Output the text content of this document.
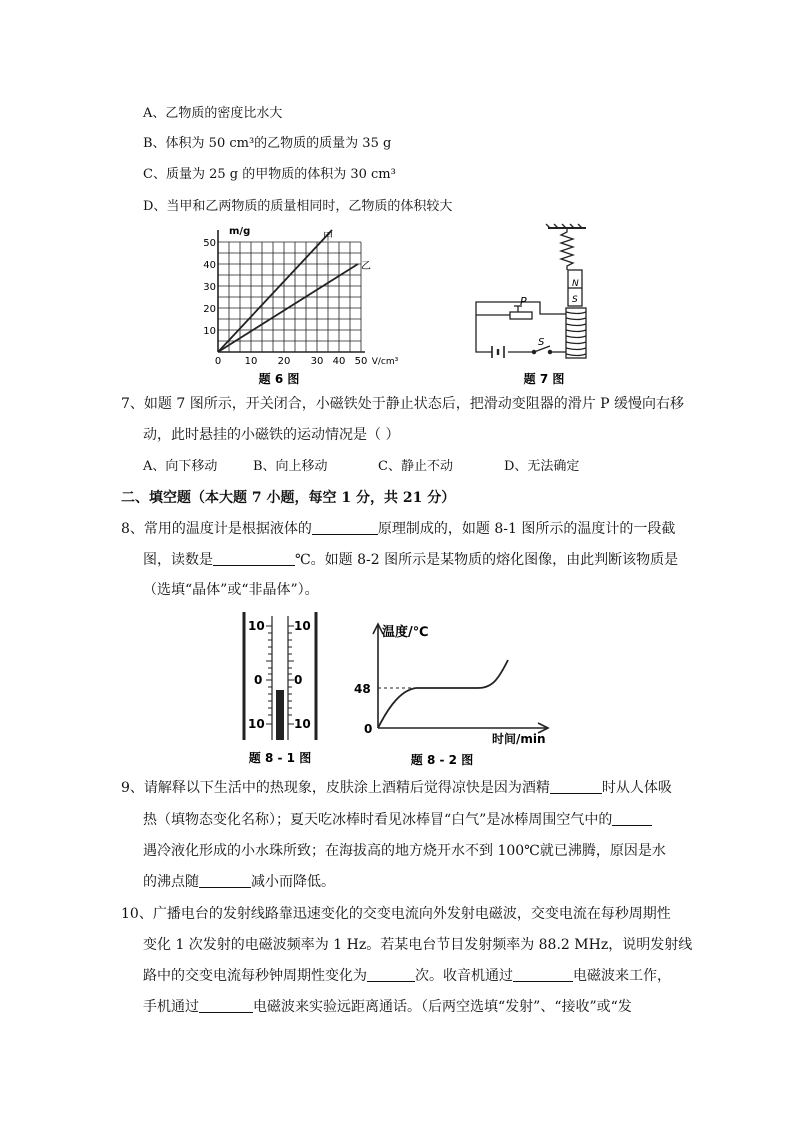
A、乙物质的密度比水大
B、体积为 50 cm³的乙物质的质量为 35 g
C、质量为 25 g 的甲物质的体积为 30 cm³
D、当甲和乙两物质的质量相同时，乙物质的体积较大
m/g
甲
乙
50
40
30
20
10
0 10 20 30 40 50 V/cm³
题 6 图
N
S
P
S
题 7 图
7、如题 7 图所示，开关闭合，小磁铁处于静止状态后，把滑动变阻器的滑片 P 缓慢向右移
动，此时悬挂的小磁铁的运动情况是（ ）
A、向下移动	B、向上移动	C、静止不动	D、无法确定
二、填空题（本大题 7 小题，每空 1 分，共 21 分）
8、常用的温度计是根据液体的	原理制成的，如题 8-1 图所示的温度计的一段截
图，读数是	℃。如题 8-2 图所示是某物质的熔化图像，由此判断该物质是
（选填“晶体”或“非晶体”）。
10
0
10
10
0
10
题 8 - 1 图
温度/℃
48
0
时间/min
题 8 - 2 图
9、请解释以下生活中的热现象，皮肤涂上酒精后觉得凉快是因为酒精	时从人体吸
热（填物态变化名称）；夏天吃冰棒时看见冰棒冒“白气”是冰棒周围空气中的
遇冷液化形成的小水珠所致；在海拔高的地方烧开水不到 100℃就已沸腾，原因是水
的沸点随	减小而降低。
10、广播电台的发射线路靠迅速变化的交变电流向外发射电磁波，交变电流在每秒周期性
变化 1 次发射的电磁波频率为 1 Hz。若某电台节目发射频率为 88.2 MHz，说明发射线
路中的交变电流每秒钟周期性变化为	次。收音机通过	电磁波来工作，
手机通过	电磁波来实验远距离通话。（后两空选填“发射”、“接收”或“发
